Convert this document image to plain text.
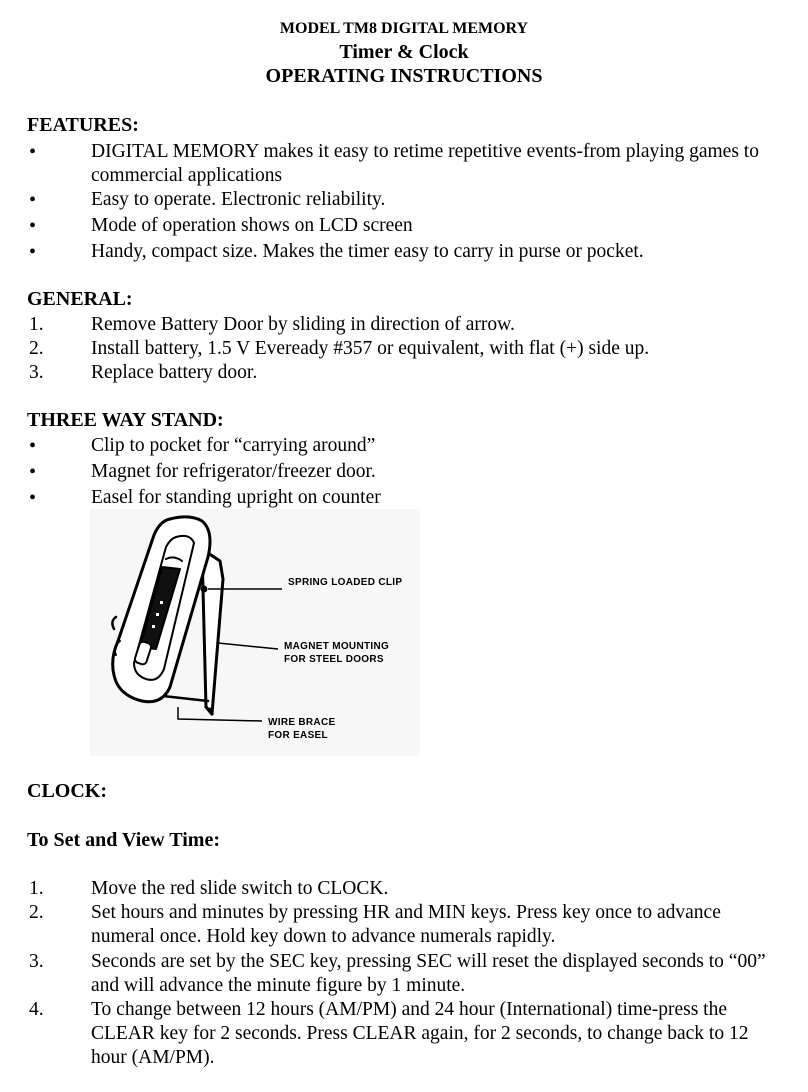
MODEL TM8 DIGITAL MEMORY
Timer & Clock
OPERATING INSTRUCTIONS
FEATURES:
•	DIGITAL MEMORY makes it easy to retime repetitive events-from playing games to commercial applications
•	Easy to operate. Electronic reliability.
•	Mode of operation shows on LCD screen
•	Handy, compact size. Makes the timer easy to carry in purse or pocket.
GENERAL:
1. Remove Battery Door by sliding in direction of arrow.
2. Install battery, 1.5 V Eveready #357 or equivalent, with flat (+) side up.
3. Replace battery door.
THREE WAY STAND:
•	Clip to pocket for “carrying around”
•	Magnet for refrigerator/freezer door.
•	Easel for standing upright on counter
SPRING LOADED CLIP
MAGNET MOUNTING
FOR STEEL DOORS
WIRE BRACE
FOR EASEL
CLOCK:
To Set and View Time:
1. Move the red slide switch to CLOCK.
2. Set hours and minutes by pressing HR and MIN keys. Press key once to advance numeral once. Hold key down to advance numerals rapidly.
3. Seconds are set by the SEC key, pressing SEC will reset the displayed seconds to “00” and will advance the minute figure by 1 minute.
4. To change between 12 hours (AM/PM) and 24 hour (International) time-press the CLEAR key for 2 seconds. Press CLEAR again, for 2 seconds, to change back to 12 hour (AM/PM).
